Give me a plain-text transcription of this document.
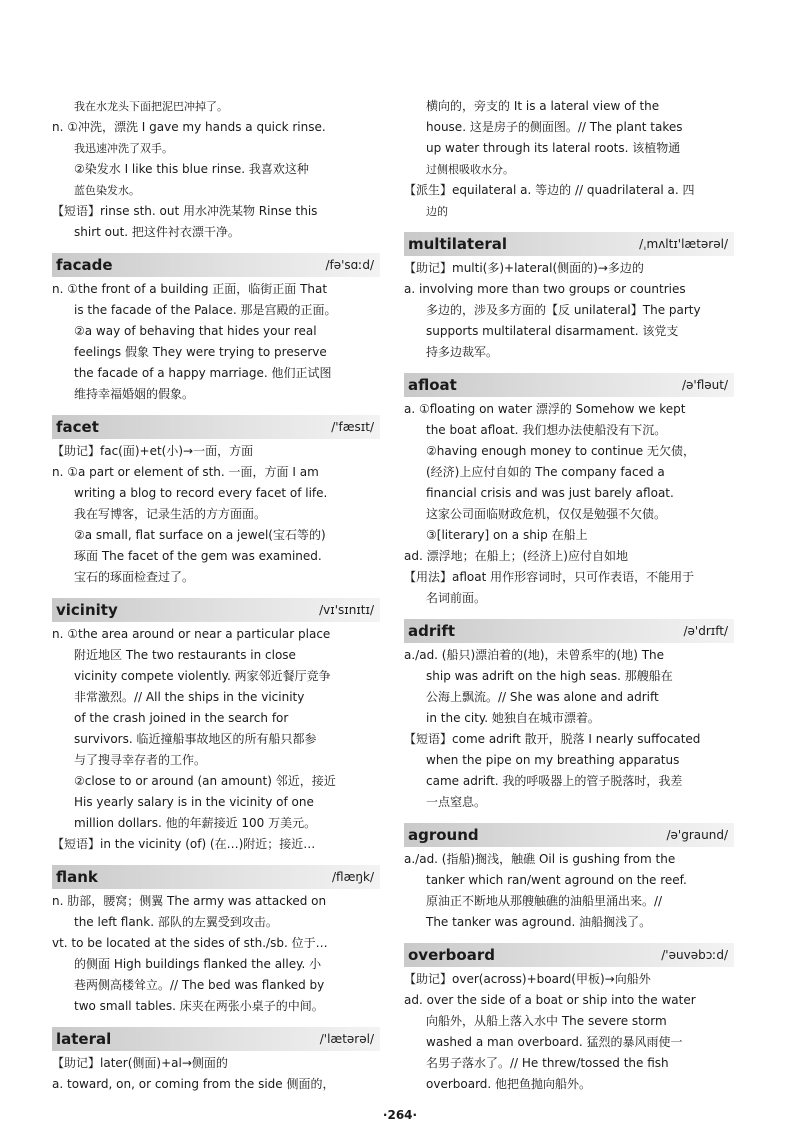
我在水龙头下面把泥巴冲掉了。
n. ①冲洗，漂洗 I gave my hands a quick rinse.
我迅速冲洗了双手。
②染发水 I like this blue rinse. 我喜欢这种
蓝色染发水。
【短语】rinse sth. out 用水冲洗某物 Rinse this
shirt out. 把这件衬衣漂干净。
facade	/fə'sɑːd/
n. ①the front of a building 正面，临街正面 That
is the facade of the Palace. 那是宫殿的正面。
②a way of behaving that hides your real
feelings 假象 They were trying to preserve
the facade of a happy marriage. 他们正试图
维持幸福婚姻的假象。
facet	/'fæsɪt/
【助记】fac(面)+et(小)→一面，方面
n. ①a part or element of sth. 一面，方面 I am
writing a blog to record every facet of life.
我在写博客，记录生活的方方面面。
②a small, flat surface on a jewel(宝石等的)
琢面 The facet of the gem was examined.
宝石的琢面检查过了。
vicinity	/vɪ'sɪnɪtɪ/
n. ①the area around or near a particular place
附近地区 The two restaurants in close
vicinity compete violently. 两家邻近餐厅竞争
非常激烈。// All the ships in the vicinity
of the crash joined in the search for
survivors. 临近撞船事故地区的所有船只都参
与了搜寻幸存者的工作。
②close to or around (an amount) 邻近，接近
His yearly salary is in the vicinity of one
million dollars. 他的年薪接近 100 万美元。
【短语】in the vicinity (of) (在…)附近；接近…
flank	/flæŋk/
n. 肋部，腰窝；侧翼 The army was attacked on
the left flank. 部队的左翼受到攻击。
vt. to be located at the sides of sth./sb. 位于…
的侧面 High buildings flanked the alley. 小
巷两侧高楼耸立。// The bed was flanked by
two small tables. 床夹在两张小桌子的中间。
lateral	/'lætərəl/
【助记】later(侧面)+al→侧面的
a. toward, on, or coming from the side 侧面的，
横向的，旁支的 It is a lateral view of the
house. 这是房子的侧面图。// The plant takes
up water through its lateral roots. 该植物通
过侧根吸收水分。
【派生】equilateral a. 等边的 // quadrilateral a. 四
边的
multilateral	/ˌmʌltɪ'lætərəl/
【助记】multi(多)+lateral(侧面的)→多边的
a. involving more than two groups or countries
多边的，涉及多方面的【反 unilateral】The party
supports multilateral disarmament. 该党支
持多边裁军。
afloat	/ə'fləut/
a. ①floating on water 漂浮的 Somehow we kept
the boat afloat. 我们想办法使船没有下沉。
②having enough money to continue 无欠债，
(经济)上应付自如的 The company faced a
financial crisis and was just barely afloat.
这家公司面临财政危机，仅仅是勉强不欠债。
③[literary] on a ship 在船上
ad. 漂浮地；在船上；(经济上)应付自如地
【用法】afloat 用作形容词时，只可作表语，不能用于
名词前面。
adrift	/ə'drɪft/
a./ad. (船只)漂泊着的(地)，未曾系牢的(地) The
ship was adrift on the high seas. 那艘船在
公海上飘流。// She was alone and adrift
in the city. 她独自在城市漂着。
【短语】come adrift 散开，脱落 I nearly suffocated
when the pipe on my breathing apparatus
came adrift. 我的呼吸器上的管子脱落时，我差
一点窒息。
aground	/ə'graund/
a./ad. (指船)搁浅，触礁 Oil is gushing from the
tanker which ran/went aground on the reef.
原油正不断地从那艘触礁的油船里涌出来。//
The tanker was aground. 油船搁浅了。
overboard	/'əuvəbɔːd/
【助记】over(across)+board(甲板)→向船外
ad. over the side of a boat or ship into the water
向船外，从船上落入水中 The severe storm
washed a man overboard. 猛烈的暴风雨使一
名男子落水了。// He threw/tossed the fish
overboard. 他把鱼抛向船外。
·264·
